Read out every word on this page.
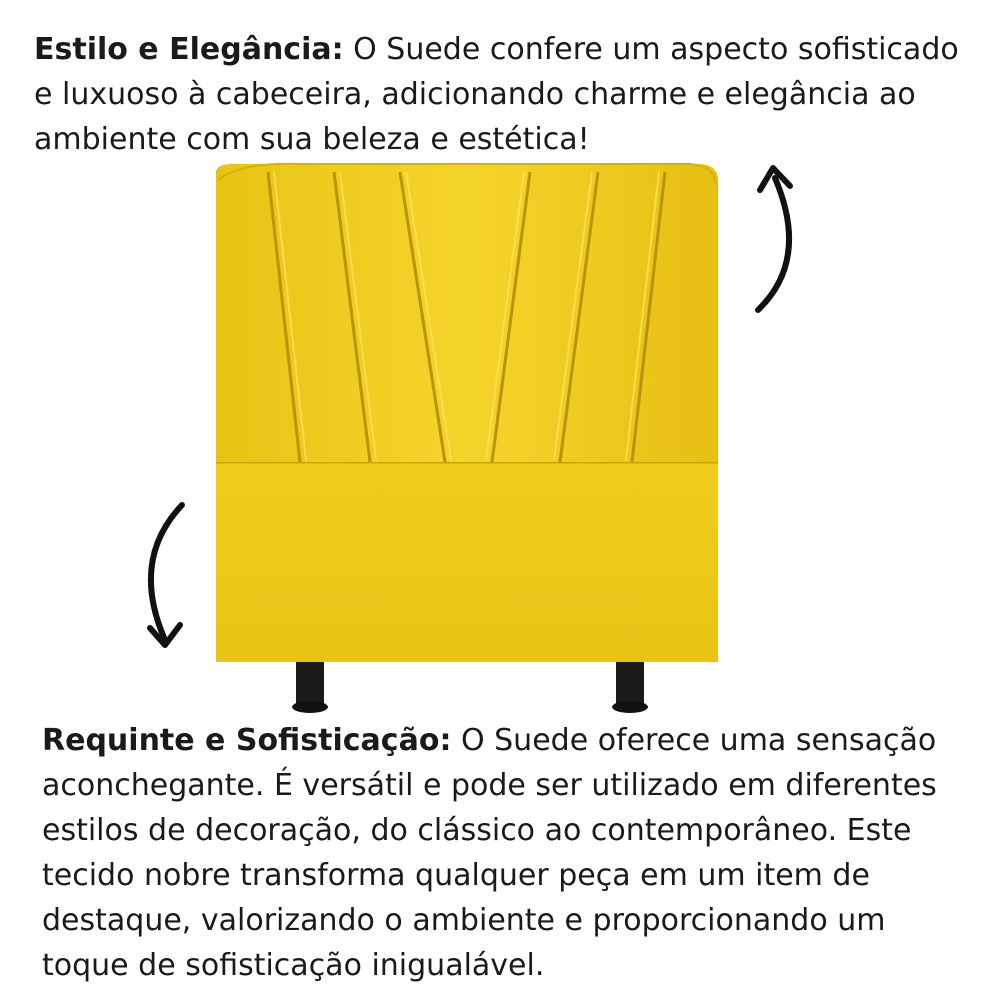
Estilo e Elegância: O Suede confere um aspecto sofisticado e luxuoso à cabeceira, adicionando charme e elegância ao ambiente com sua beleza e estética!

Requinte e Sofisticação: O Suede oferece uma sensação aconchegante. É versátil e pode ser utilizado em diferentes estilos de decoração, do clássico ao contemporâneo. Este tecido nobre transforma qualquer peça em um item de destaque, valorizando o ambiente e proporcionando um toque de sofisticação inigualável.
